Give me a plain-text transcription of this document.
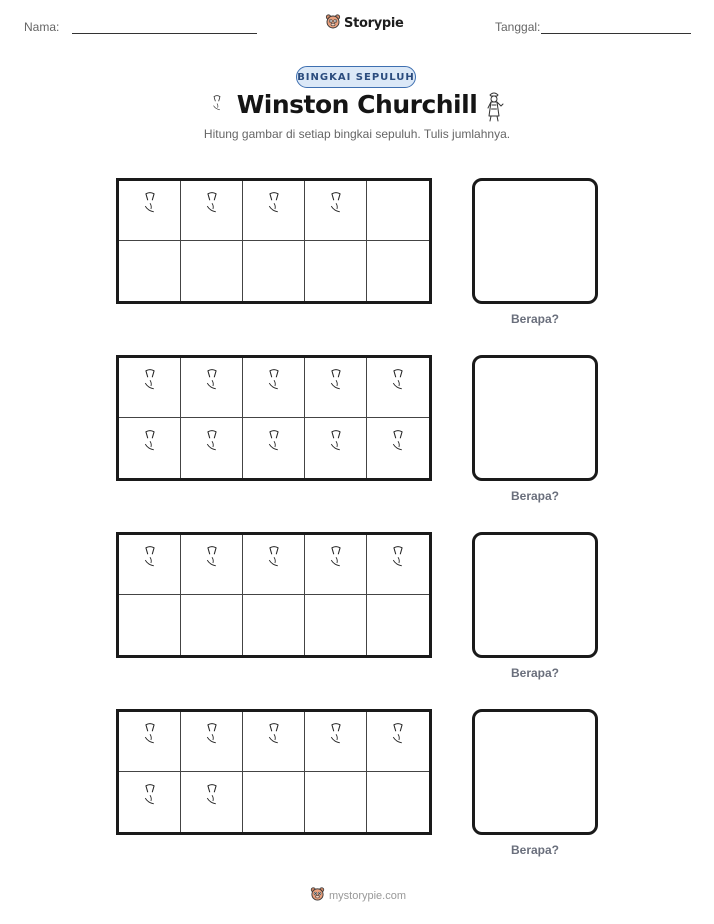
Nama:	Storypie	Tanggal:
BINGKAI SEPULUH
Winston Churchill
Hitung gambar di setiap bingkai sepuluh. Tulis jumlahnya.
Berapa?
Berapa?
Berapa?
Berapa?
mystorypie.com
